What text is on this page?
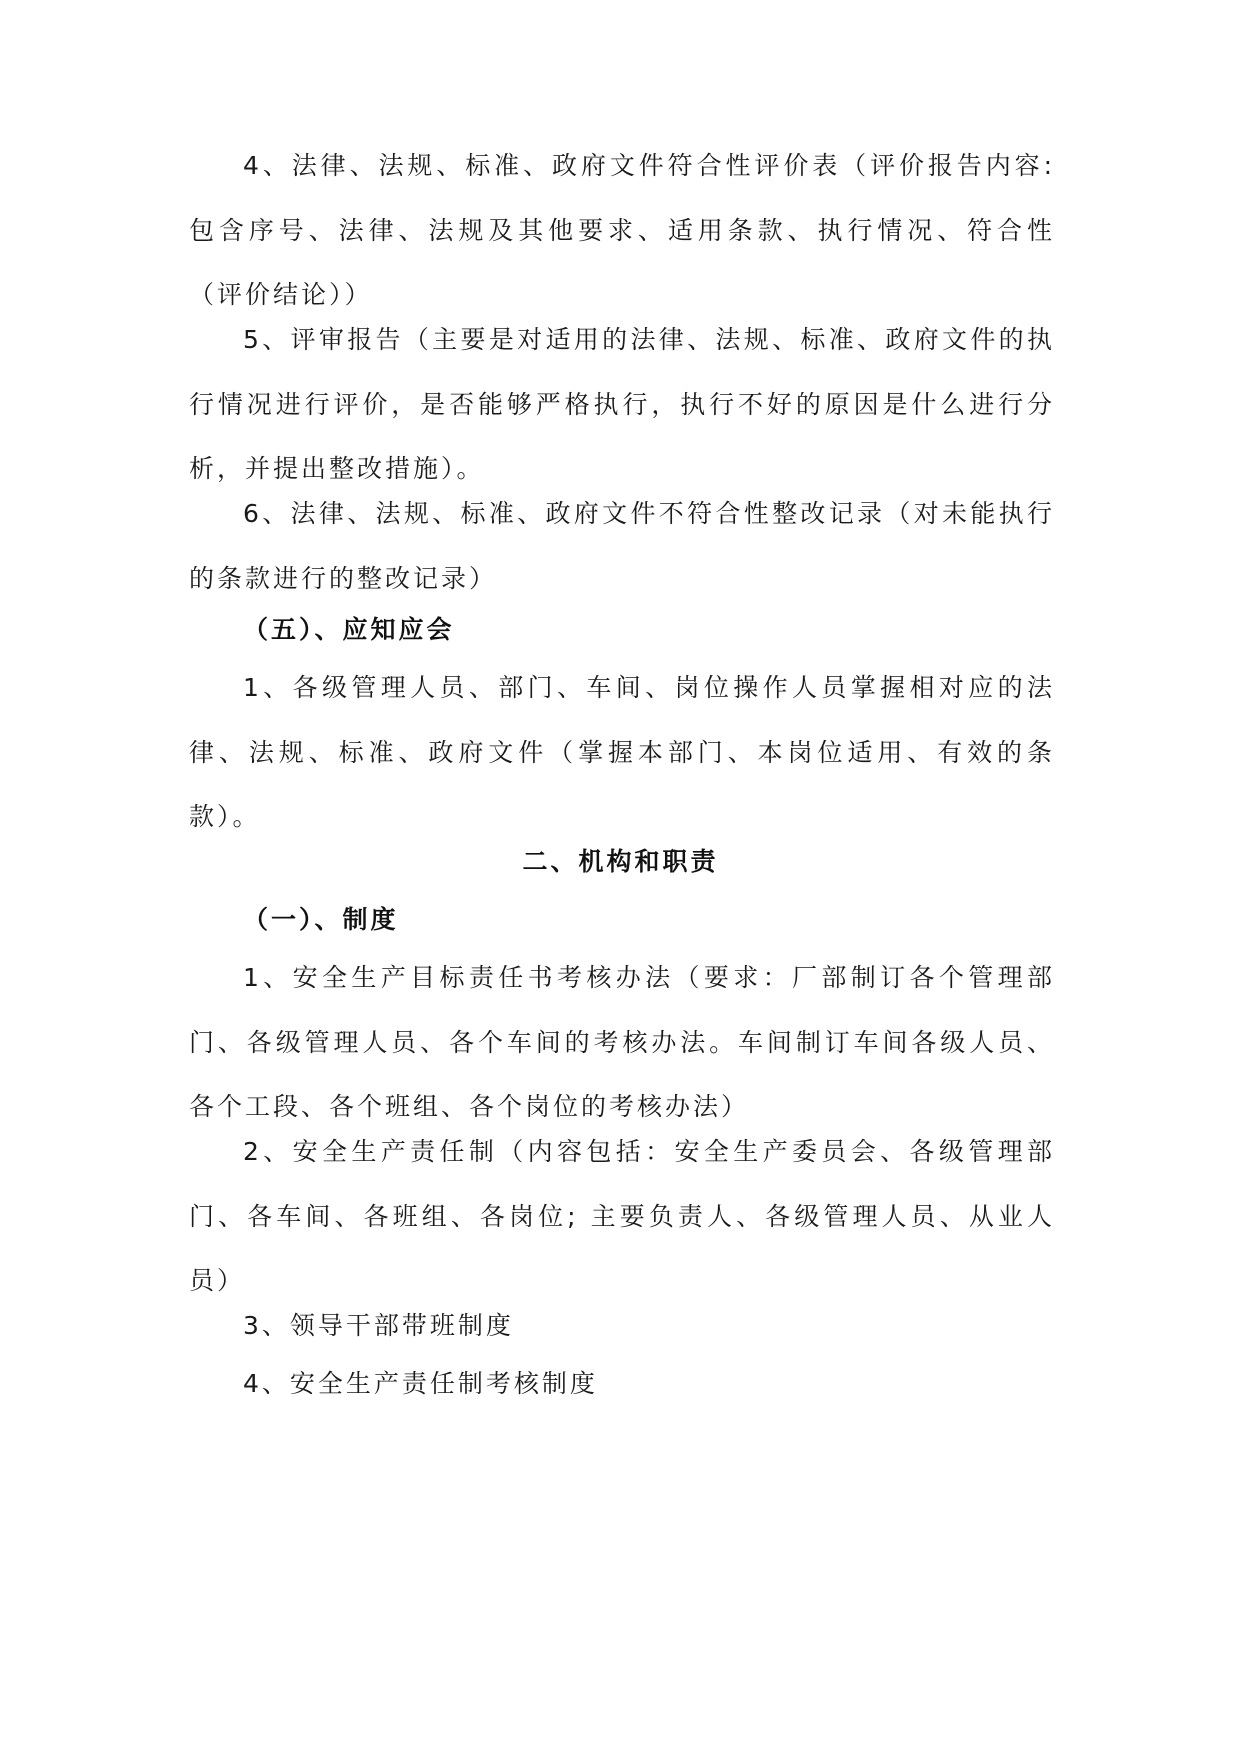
4、法律、法规、标准、政府文件符合性评价表（评价报告内容:包含序号、法律、法规及其他要求、适用条款、执行情况、符合性（评价结论））

5、评审报告（主要是对适用的法律、法规、标准、政府文件的执行情况进行评价，是否能够严格执行，执行不好的原因是什么进行分析，并提出整改措施）。

6、法律、法规、标准、政府文件不符合性整改记录（对未能执行的条款进行的整改记录）

（五）、应知应会

1、各级管理人员、部门、车间、岗位操作人员掌握相对应的法律、法规、标准、政府文件（掌握本部门、本岗位适用、有效的条款）。

二、机构和职责
（一）、制度

1、安全生产目标责任书考核办法（要求：厂部制订各个管理部门、各级管理人员、各个车间的考核办法。车间制订车间各级人员、各个工段、各个班组、各个岗位的考核办法）

2、安全生产责任制（内容包括：安全生产委员会、各级管理部门、各车间、各班组、各岗位; 主要负责人、各级管理人员、从业人员）

3、领导干部带班制度

4、安全生产责任制考核制度
